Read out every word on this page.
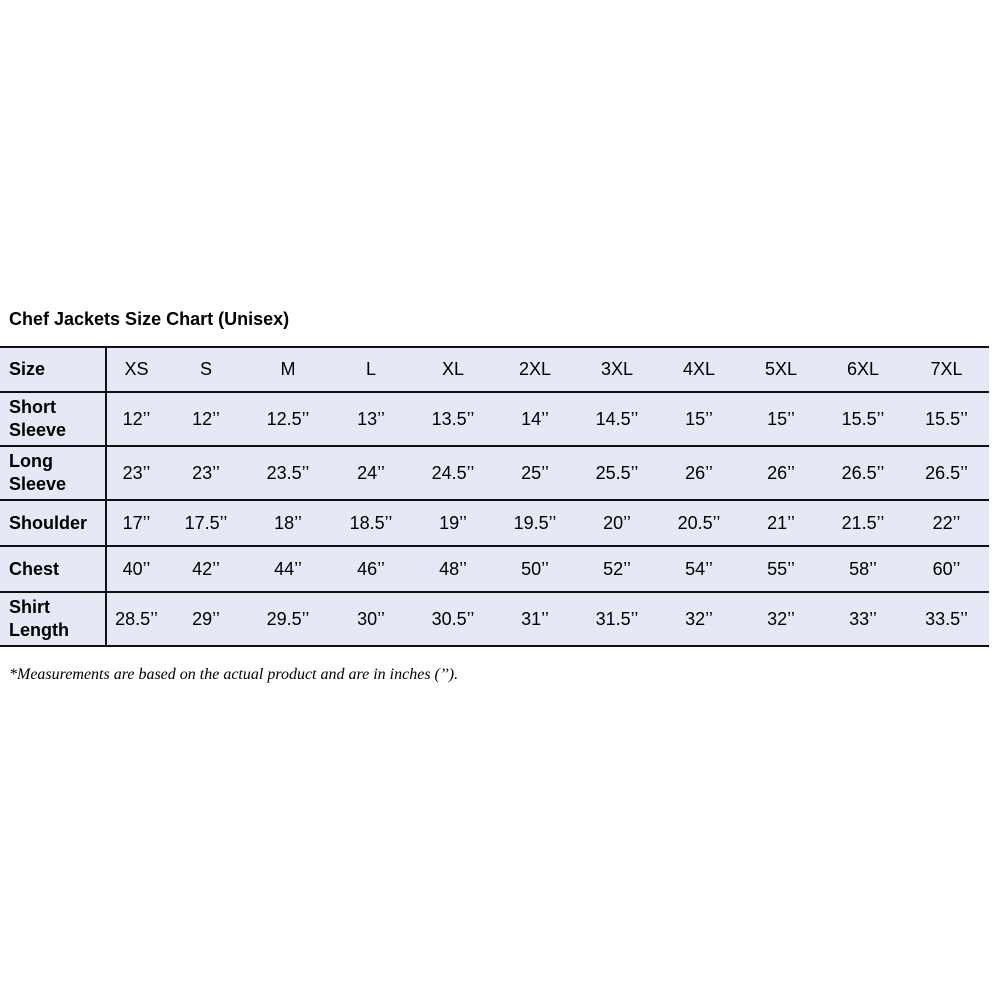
Chef Jackets Size Chart (Unisex)
Size	XS	S	M	L	XL	2XL	3XL	4XL	5XL	6XL	7XL
Short Sleeve	12’’	12’’	12.5’’	13’’	13.5’’	14’’	14.5’’	15’’	15’’	15.5’’	15.5’’
Long Sleeve	23’’	23’’	23.5’’	24’’	24.5’’	25’’	25.5’’	26’’	26’’	26.5’’	26.5’’
Shoulder	17’’	17.5’’	18’’	18.5’’	19’’	19.5’’	20’’	20.5’’	21’’	21.5’’	22’’
Chest	40’’	42’’	44’’	46’’	48’’	50’’	52’’	54’’	55’’	58’’	60’’
Shirt Length	28.5’’	29’’	29.5’’	30’’	30.5’’	31’’	31.5’’	32’’	32’’	33’’	33.5’’
*Measurements are based on the actual product and are in inches (’’).
